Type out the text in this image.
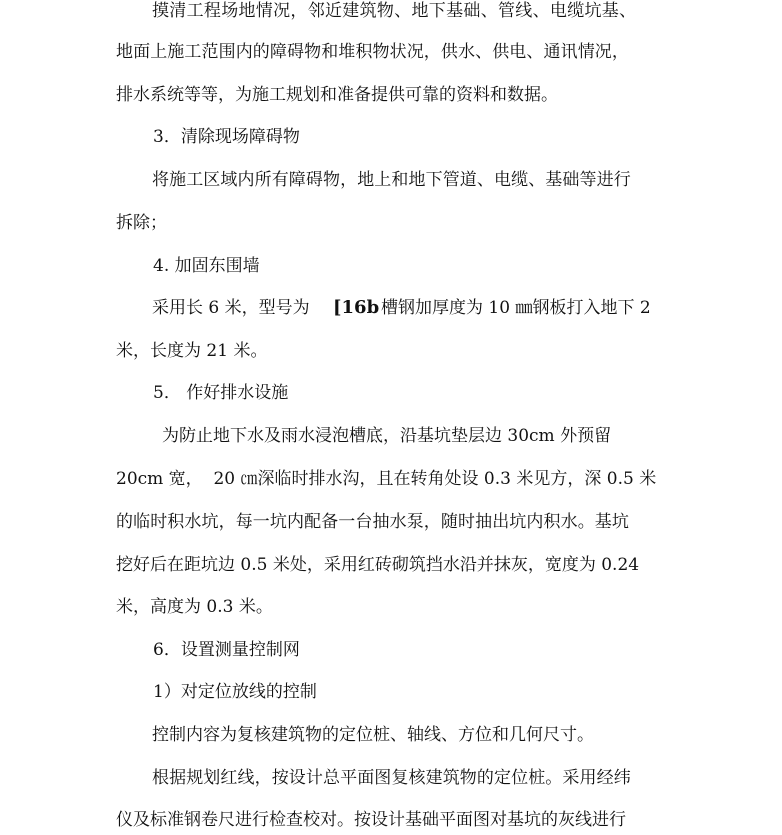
摸清工程场地情况，邻近建筑物、地下基础、管线、电缆坑基、
地面上施工范围内的障碍物和堆积物状况，供水、供电、通讯情况，
排水系统等等，为施工规划和准备提供可靠的资料和数据。
3．清除现场障碍物
将施工区域内所有障碍物，地上和地下管道、电缆、基础等进行
拆除；
4. 加固东围墙
采用长 6 米，型号为 [16b 槽钢加厚度为 10 ㎜钢板打入地下 2
米，长度为 21 米。
5． 作好排水设施
为防止地下水及雨水浸泡槽底，沿基坑垫层边 30cm 外预留
20cm 宽，  20 ㎝深临时排水沟，且在转角处设 0.3 米见方，深 0.5 米
的临时积水坑，每一坑内配备一台抽水泵，随时抽出坑内积水。基坑
挖好后在距坑边 0.5 米处，采用红砖砌筑挡水沿并抹灰，宽度为 0.24
米，高度为 0.3 米。
6．设置测量控制网
1）对定位放线的控制
控制内容为复核建筑物的定位桩、轴线、方位和几何尺寸。
根据规划红线，按设计总平面图复核建筑物的定位桩。采用经纬
仪及标准钢卷尺进行检查校对。按设计基础平面图对基坑的灰线进行
